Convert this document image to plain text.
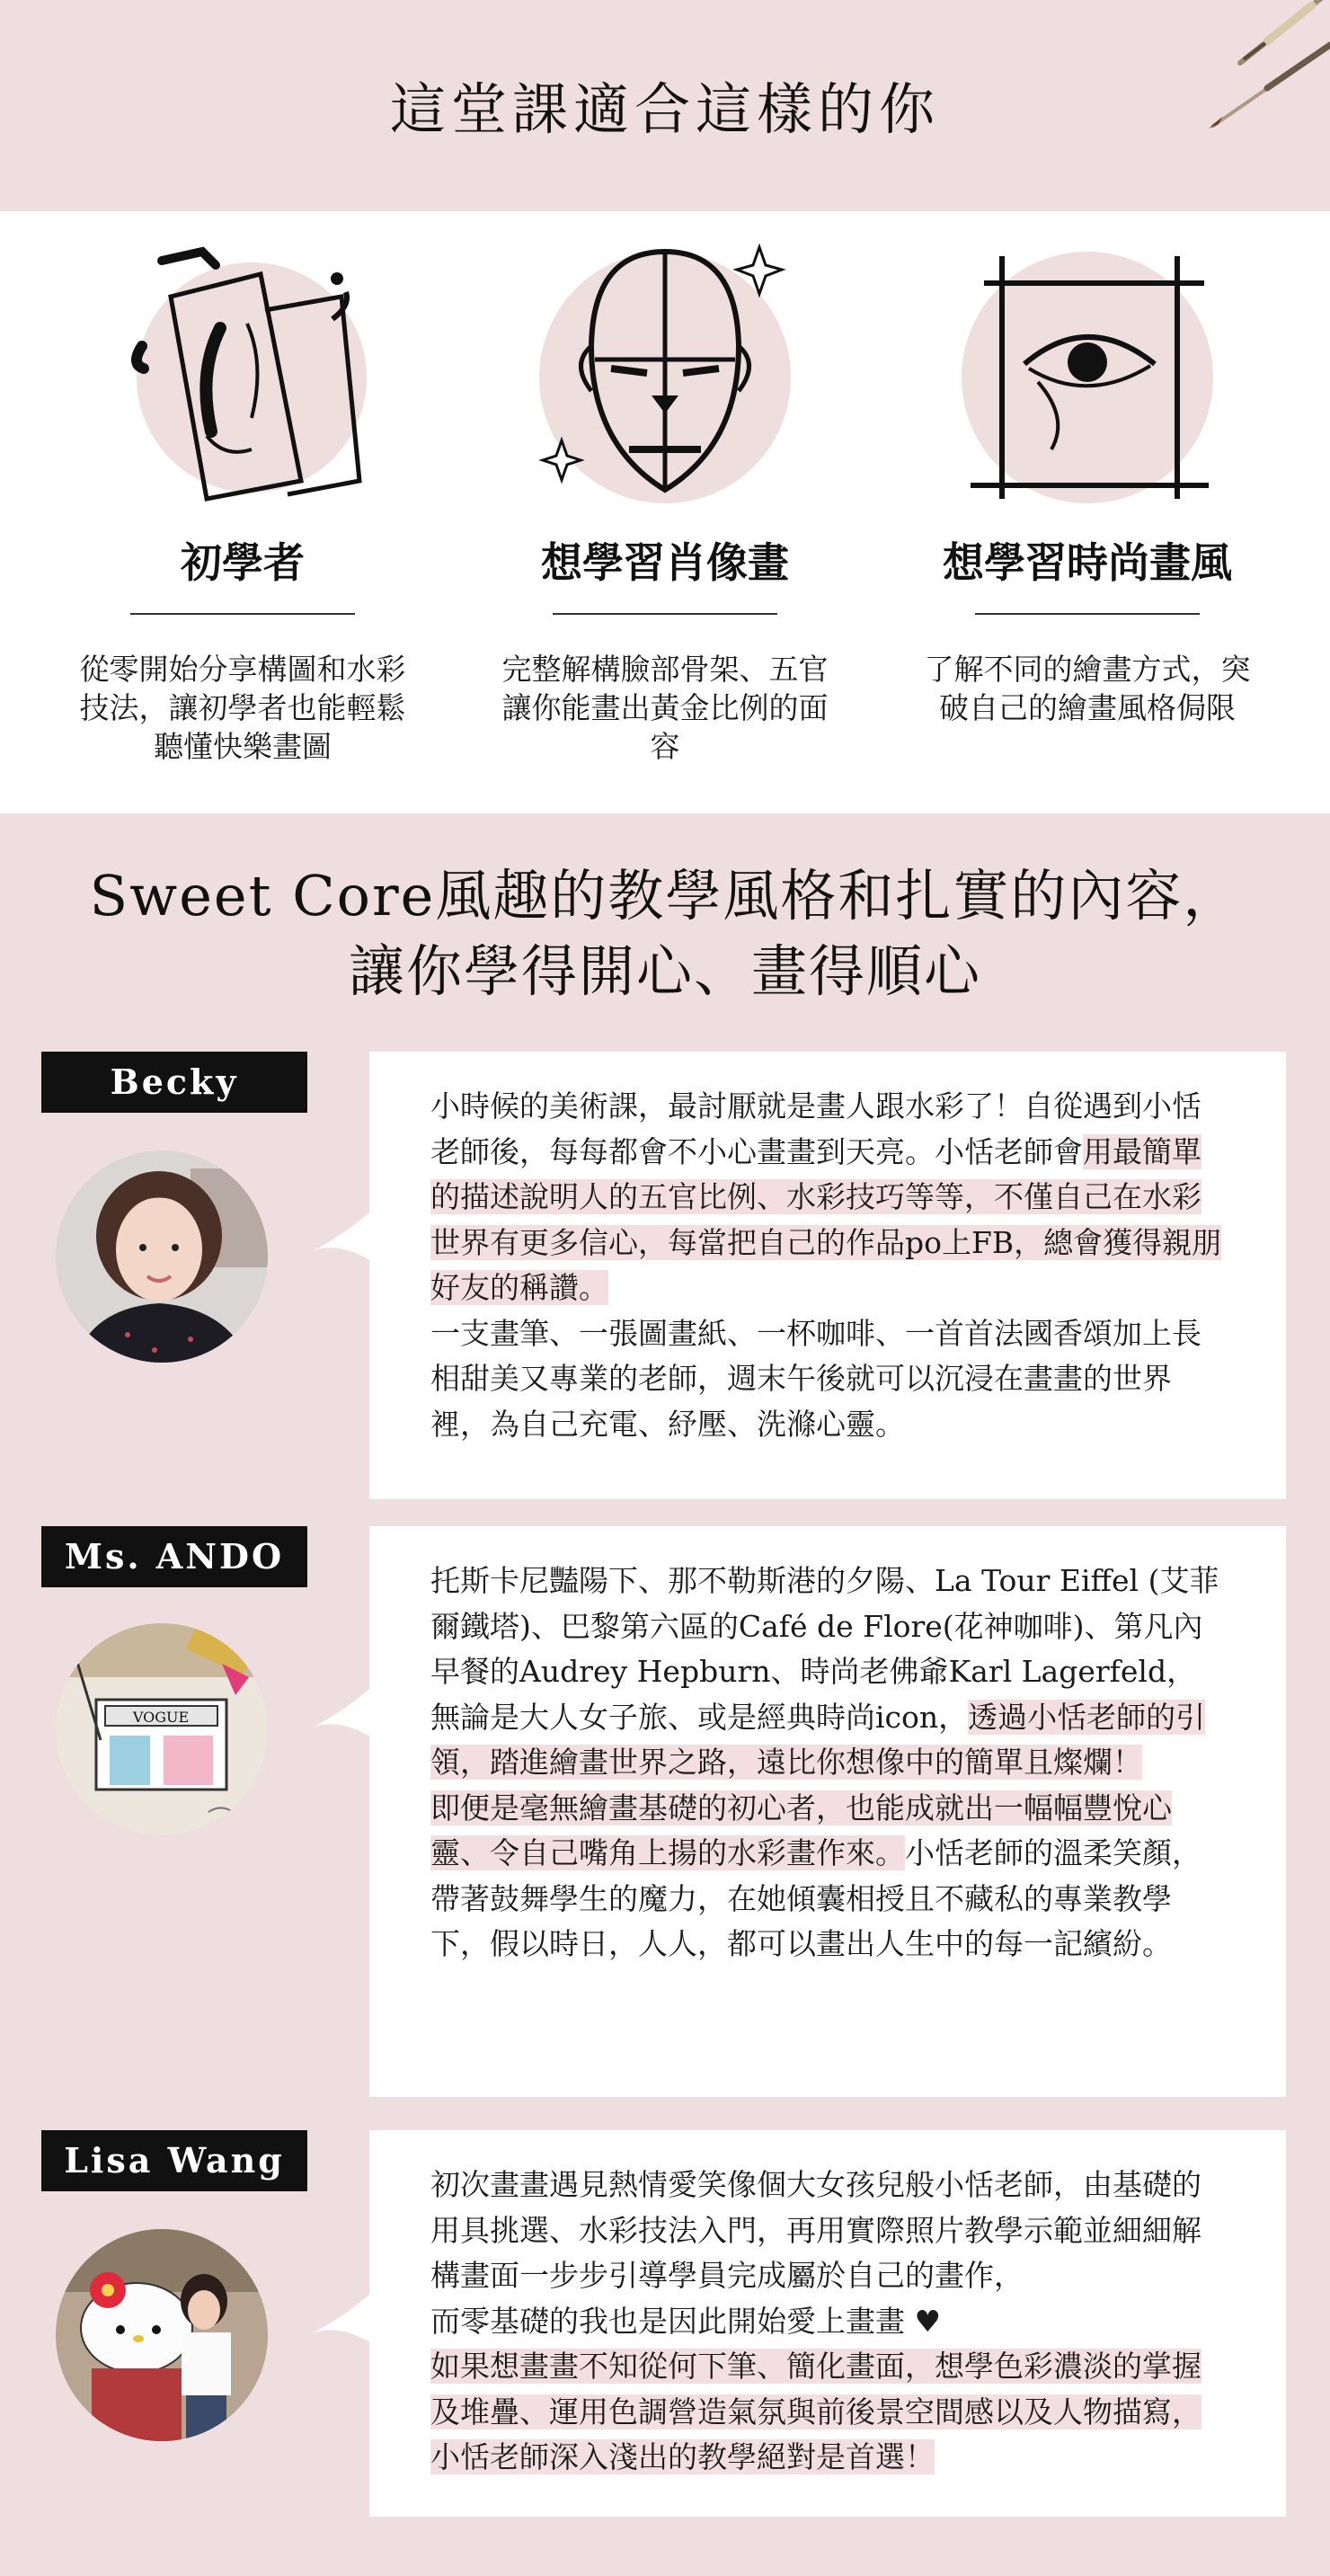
這堂課適合這樣的你
初學者
從零開始分享構圖和水彩技法，讓初學者也能輕鬆聽懂快樂畫圖
想學習肖像畫
完整解構臉部骨架、五官讓你能畫出黃金比例的面容
想學習時尚畫風
了解不同的繪畫方式，突破自己的繪畫風格侷限
Sweet Core風趣的教學風格和扎實的內容，
讓你學得開心、畫得順心
Becky
小時候的美術課，最討厭就是畫人跟水彩了！自從遇到小恬老師後，每每都會不小心畫畫到天亮。小恬老師會用最簡單的描述說明人的五官比例、水彩技巧等等，不僅自己在水彩世界有更多信心，每當把自己的作品po上FB，總會獲得親朋好友的稱讚。
一支畫筆、一張圖畫紙、一杯咖啡、一首首法國香頌加上長相甜美又專業的老師，週末午後就可以沉浸在畫畫的世界裡，為自己充電、紓壓、洗滌心靈。
Ms. ANDO
VOGUE
托斯卡尼豔陽下、那不勒斯港的夕陽、La Tour Eiffel (艾菲爾鐵塔)、巴黎第六區的Café de Flore(花神咖啡)、第凡內早餐的Audrey Hepburn、時尚老佛爺Karl Lagerfeld，無論是大人女子旅、或是經典時尚icon，透過小恬老師的引領，踏進繪畫世界之路，遠比你想像中的簡單且燦爛！
即便是毫無繪畫基礎的初心者，也能成就出一幅幅豐悅心靈、令自己嘴角上揚的水彩畫作來。小恬老師的溫柔笑顏，帶著鼓舞學生的魔力，在她傾囊相授且不藏私的專業教學下，假以時日，人人，都可以畫出人生中的每一記繽紛。
Lisa Wang
初次畫畫遇見熱情愛笑像個大女孩兒般小恬老師，由基礎的用具挑選、水彩技法入門，再用實際照片教學示範並細細解構畫面一步步引導學員完成屬於自己的畫作，
而零基礎的我也是因此開始愛上畫畫 ♥
如果想畫畫不知從何下筆、簡化畫面，想學色彩濃淡的掌握及堆疊、運用色調營造氣氛與前後景空間感以及人物描寫，小恬老師深入淺出的教學絕對是首選！
